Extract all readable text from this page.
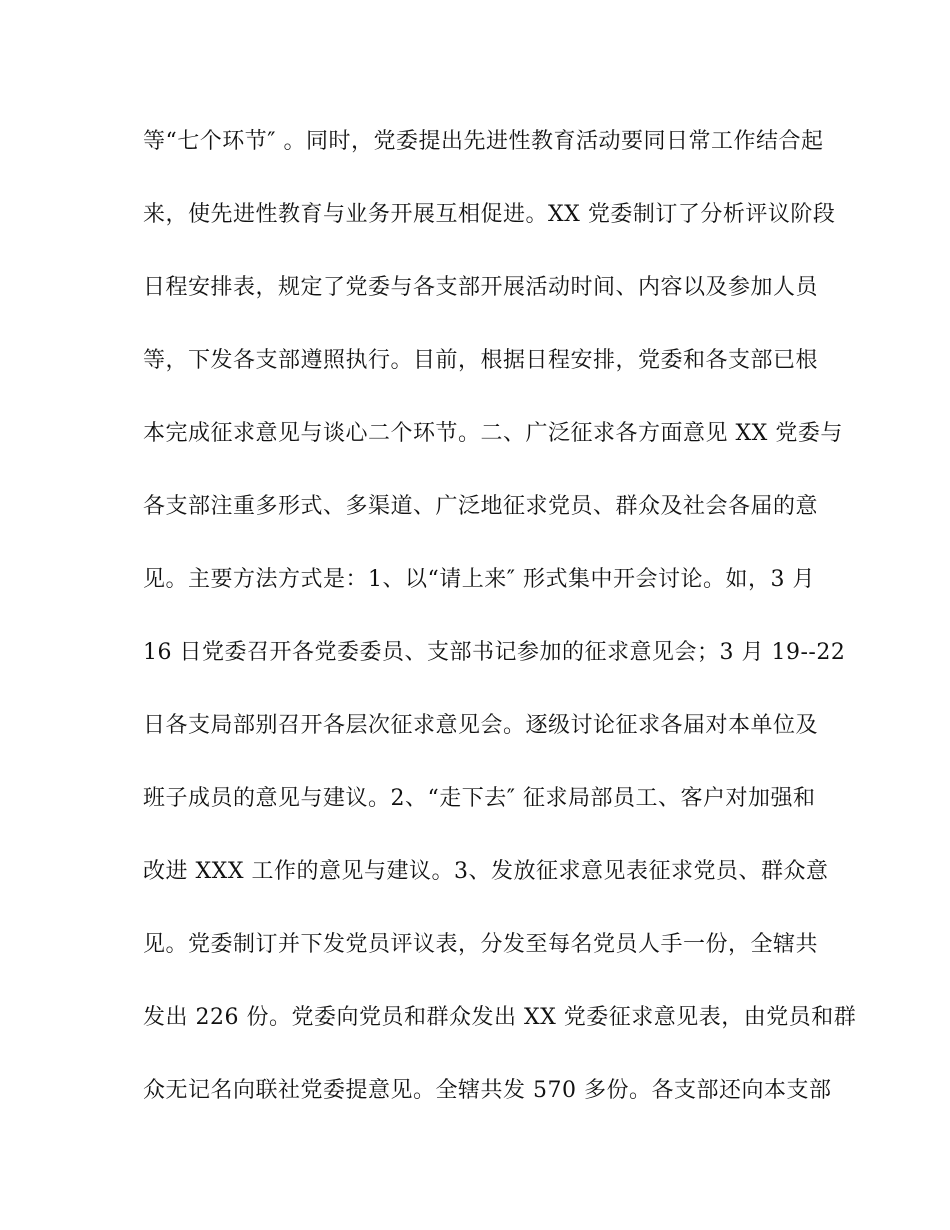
等“七个环节″ 。同时，党委提出先进性教育活动要同日常工作结合起
来，使先进性教育与业务开展互相促进。XX 党委制订了分析评议阶段
日程安排表，规定了党委与各支部开展活动时间、内容以及参加人员
等，下发各支部遵照执行。目前，根据日程安排，党委和各支部已根
本完成征求意见与谈心二个环节。二、广泛征求各方面意见 XX 党委与
各支部注重多形式、多渠道、广泛地征求党员、群众及社会各届的意
见。主要方法方式是：1、以“请上来″ 形式集中开会讨论。如，3 月
16 日党委召开各党委委员、支部书记参加的征求意见会；3 月 19--22
日各支局部别召开各层次征求意见会。逐级讨论征求各届对本单位及
班子成员的意见与建议。2、“走下去″ 征求局部员工、客户对加强和
改进 XXX 工作的意见与建议。3、发放征求意见表征求党员、群众意
见。党委制订并下发党员评议表，分发至每名党员人手一份，全辖共
发出 226 份。党委向党员和群众发出 XX 党委征求意见表，由党员和群
众无记名向联社党委提意见。全辖共发 570 多份。各支部还向本支部
